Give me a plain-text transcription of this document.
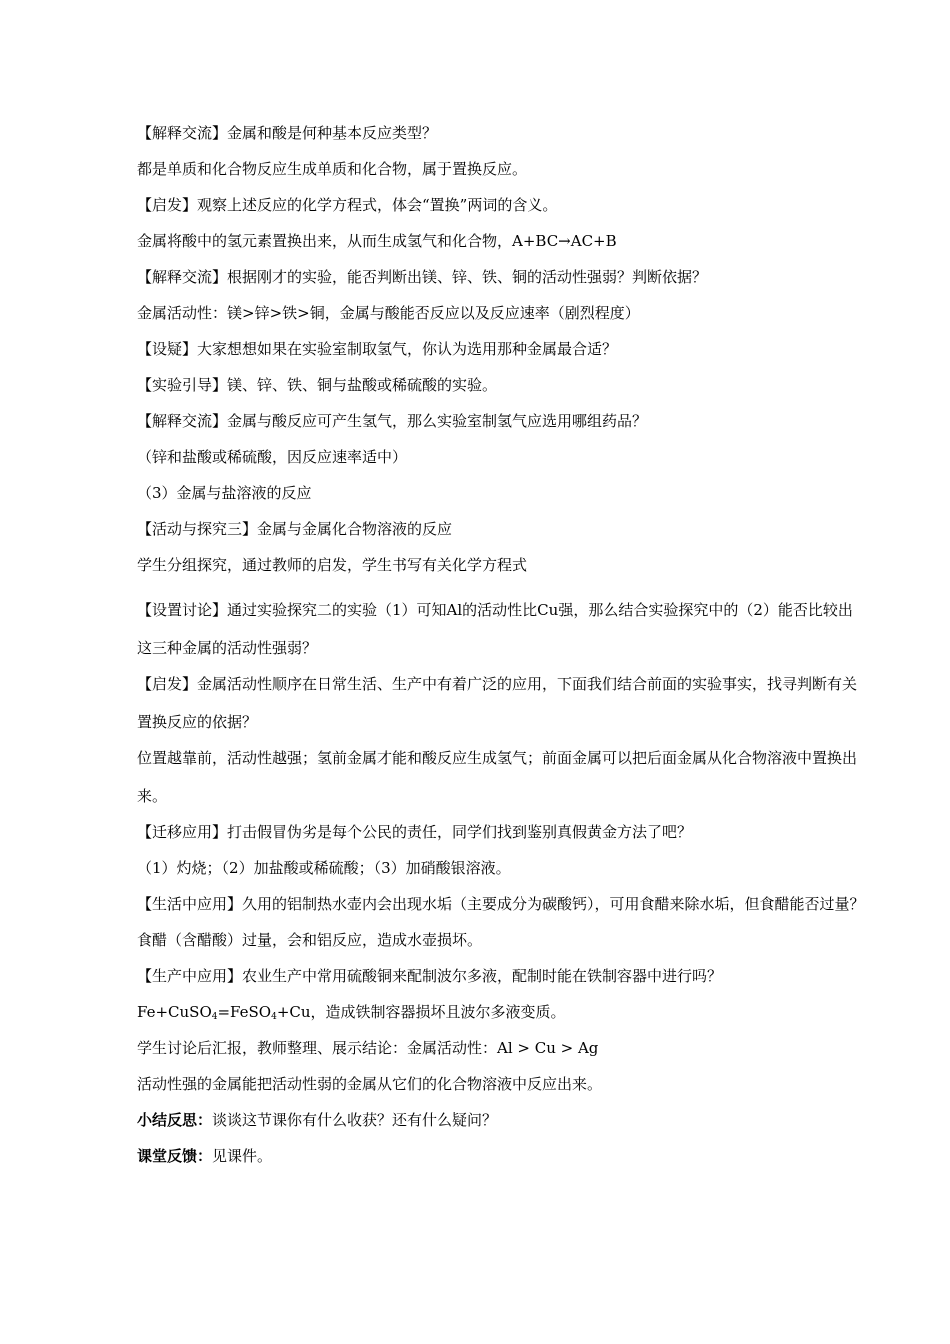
【解释交流】金属和酸是何种基本反应类型？
都是单质和化合物反应生成单质和化合物，属于置换反应。
【启发】观察上述反应的化学方程式，体会“置换”两词的含义。
金属将酸中的氢元素置换出来，从而生成氢气和化合物，A+BC→AC+B
【解释交流】根据刚才的实验，能否判断出镁、锌、铁、铜的活动性强弱？判断依据？
金属活动性：镁>锌>铁>铜，金属与酸能否反应以及反应速率（剧烈程度）
【设疑】大家想想如果在实验室制取氢气，你认为选用那种金属最合适？
【实验引导】镁、锌、铁、铜与盐酸或稀硫酸的实验。
【解释交流】金属与酸反应可产生氢气，那么实验室制氢气应选用哪组药品？
（锌和盐酸或稀硫酸，因反应速率适中）
（3）金属与盐溶液的反应
【活动与探究三】金属与金属化合物溶液的反应
学生分组探究，通过教师的启发，学生书写有关化学方程式
【设置讨论】通过实验探究二的实验（1）可知Al的活动性比Cu强，那么结合实验探究中的（2）能否比较出这三种金属的活动性强弱？
【启发】金属活动性顺序在日常生活、生产中有着广泛的应用，下面我们结合前面的实验事实，找寻判断有关置换反应的依据？
位置越靠前，活动性越强；氢前金属才能和酸反应生成氢气；前面金属可以把后面金属从化合物溶液中置换出来。
【迁移应用】打击假冒伪劣是每个公民的责任，同学们找到鉴别真假黄金方法了吧？
（1）灼烧；（2）加盐酸或稀硫酸；（3）加硝酸银溶液。
【生活中应用】久用的铝制热水壶内会出现水垢（主要成分为碳酸钙），可用食醋来除水垢，但食醋能否过量？
食醋（含醋酸）过量，会和铝反应，造成水壶损坏。
【生产中应用】农业生产中常用硫酸铜来配制波尔多液，配制时能在铁制容器中进行吗？
Fe+CuSO$_4$=FeSO$_4$+Cu，造成铁制容器损坏且波尔多液变质。
学生讨论后汇报，教师整理、展示结论：金属活动性：Al > Cu > Ag
活动性强的金属能把活动性弱的金属从它们的化合物溶液中反应出来。
小结反思：谈谈这节课你有什么收获？还有什么疑问？
课堂反馈：见课件。
